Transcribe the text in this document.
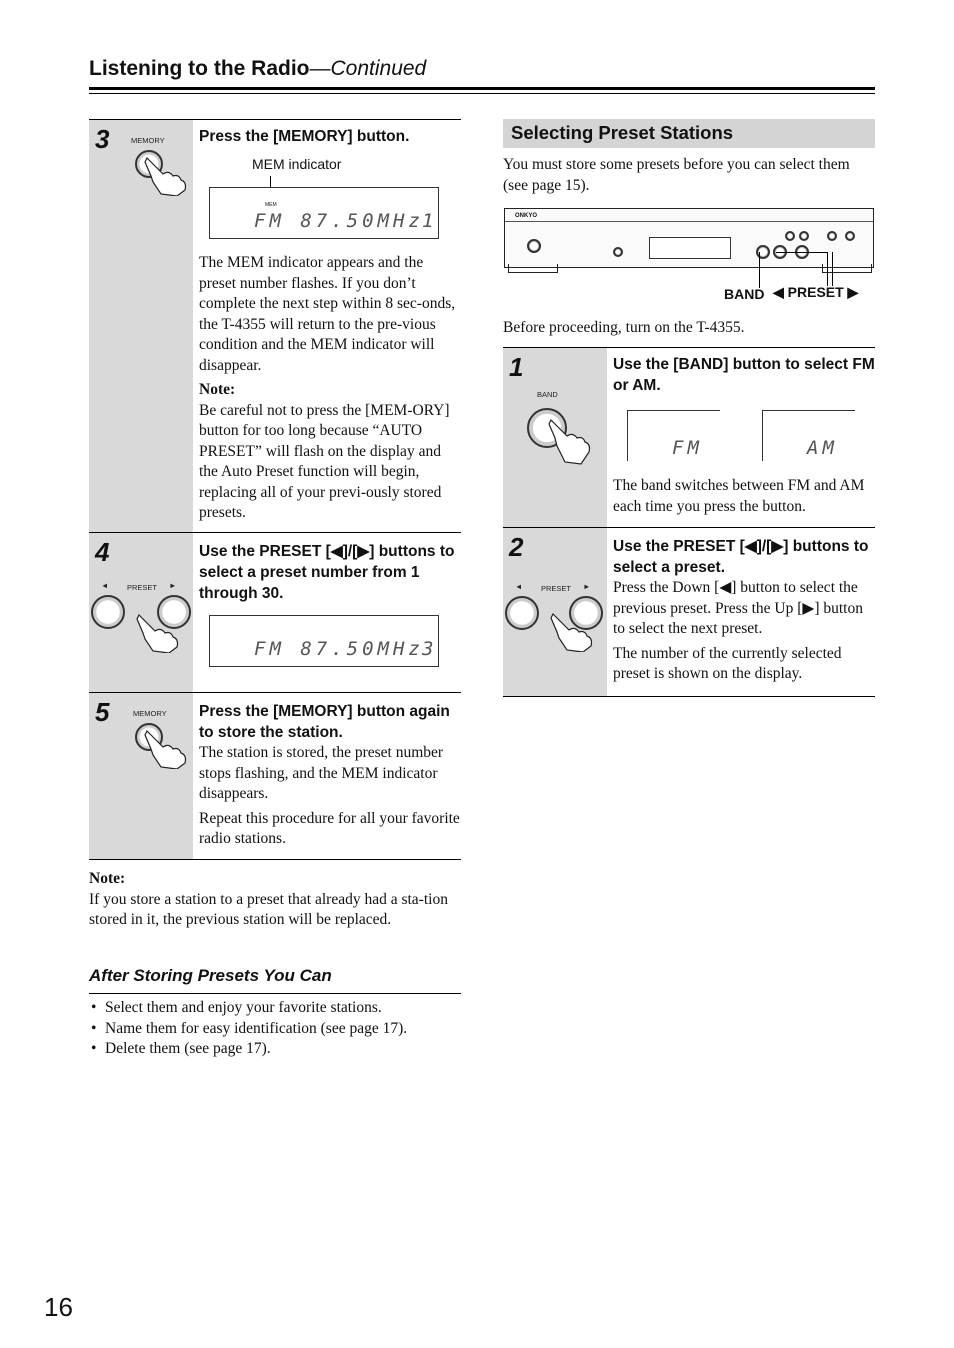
Listening to the Radio—Continued
3	MEMORY Press the [MEMORY] button.
MEM indicator
MEM
FM 87.50MHz
1

The MEM indicator appears and the preset number flashes. If you don’t complete the next step within 8 sec-onds, the T-4355 will return to the pre-vious condition and the MEM indicator will disappear.

Note:

Be careful not to press the [MEM-ORY] button for too long because “AUTO PRESET” will flash on the display and the Auto Preset function will begin, replacing all of your previ-ously stored presets.

4
PRESET
◄	►
Use the PRESET [◀]/[▶] buttons to select a preset number from 1 through 30.
FM 87.50MHz
3
5	MEMORY Press the [MEMORY] button again to store the station.

The station is stored, the preset number stops flashing, and the MEM indicator disappears.

Repeat this procedure for all your favorite radio stations.

Note:
If you store a station to a preset that already had a sta-tion stored in it, the previous station will be replaced.
After Storing Presets You Can
• Select them and enjoy your favorite stations.
• Name them for easy identification (see page 17).
• Delete them (see page 17).
Selecting Preset Stations
You must store some presets before you can select them (see page 15).
ONKYO
BAND ◀ PRESET ▶
Before proceeding, turn on the T-4355.
1
BAND
Use the [BAND] button to select FM or AM.
FM	AM
The band switches between FM and AM each time you press the button.
2
PRESET
◄	►
Use the PRESET [◀]/[▶] buttons to select a preset.

Press the Down [◀] button to select the previous preset. Press the Up [▶] button to select the next preset.

The number of the currently selected preset is shown on the display.

16
